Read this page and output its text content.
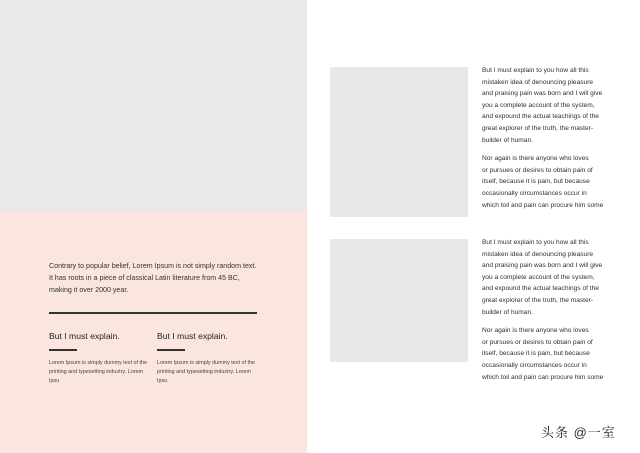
Contrary to popular belief, Lorem Ipsum is not simply random text. It has roots in a piece of classical Latin literature from 45 BC, making it over 2000 year.
But I must explain.
Lorem Ipsum is simply dummy text of the printing and typesetting industry. Lorem Ipsu
But I must explain.
Lorem Ipsum is simply dummy text of the printing and typesetting industry. Lorem Ipsu

But I must explain to you how all this
mistaken idea of denouncing pleasure
and praising pain was born and I will give
you a complete account of the system,
and expound the actual teachings of the
great explorer of the truth, the master-
builder of human.

Nor again is there anyone who loves
or pursues or desires to obtain pain of
itself, because it is pain, but because
occasionally circumstances occur in
which toil and pain can procure him some

But I must explain to you how all this
mistaken idea of denouncing pleasure
and praising pain was born and I will give
you a complete account of the system,
and expound the actual teachings of the
great explorer of the truth, the master-
builder of human.

Nor again is there anyone who loves
or pursues or desires to obtain pain of
itself, because it is pain, but because
occasionally circumstances occur in
which toil and pain can procure him some

头条 @一室
